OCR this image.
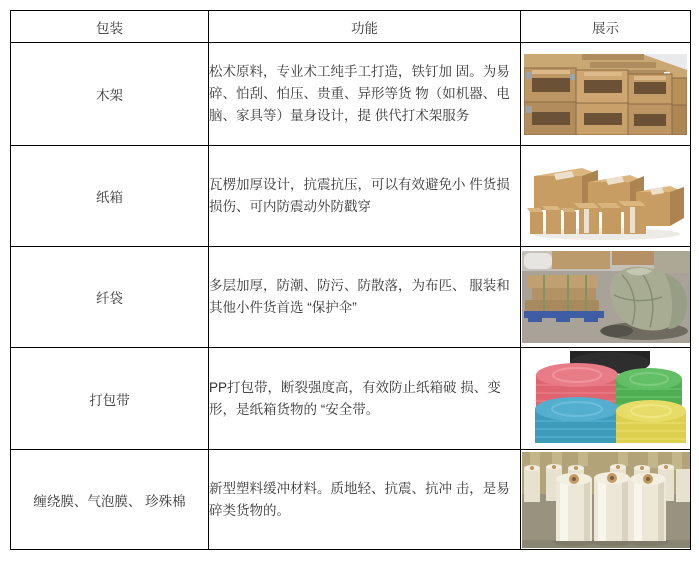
包装	功能	展示
木架	松术原料，专业术工纯手工打造，铁钉加 固。为易
碎、怕刮、怕压、贵重、异形等货 物（如机器、电
脑、家具等）量身设计，提 供代打术架服务

纸箱	瓦楞加厚设计，抗震抗压，可以有效避免小 件货损
损伤、可内防震动外防戳穿

纤袋	多层加厚，防潮、防污、防散落，为布匹、 服装和
其他小件货首选 “保护伞”

打包带	PP打包带，断裂强度高，有效防止纸箱破 损、变
形，是纸箱货物的 “安全带。

缠绕膜、气泡膜、 珍殊棉	新型塑料缓冲材料。质地轻、抗震、抗冲 击，是易
碎类货物的。
